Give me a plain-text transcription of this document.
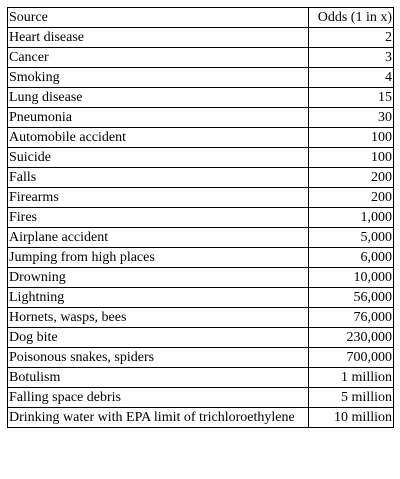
Source	Odds (1 in x)
Heart disease	2
Cancer	3
Smoking	4
Lung disease	15
Pneumonia	30
Automobile accident	100
Suicide	100
Falls	200
Firearms	200
Fires	1,000
Airplane accident	5,000
Jumping from high places	6,000
Drowning	10,000
Lightning	56,000
Hornets, wasps, bees	76,000
Dog bite	230,000
Poisonous snakes, spiders	700,000
Botulism	1 million
Falling space debris	5 million
Drinking water with EPA limit of trichloroethylene	10 million
